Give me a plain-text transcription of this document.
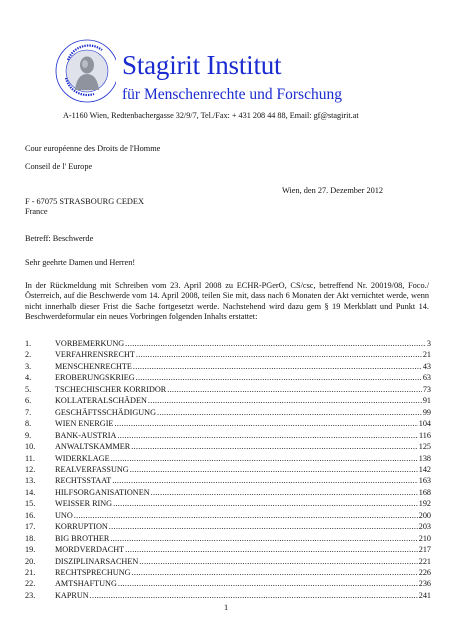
Stagirit Institut
für Menschenrechte und Forschung
A-1160 Wien, Redtenbachergasse 32/9/7, Tel./Fax: + 431 208 44 88, Email: gf@stagirit.at
Cour européenne des Droits de l'Homme
Conseil de l' Europe
Wien, den 27. Dezember 2012
F - 67075 STRASBOURG CEDEX
France
Betreff: Beschwerde
Sehr geehrte Damen und Herren!
In der Rückmeldung mit Schreiben vom 23. April 2008 zu ECHR-PGerO, CS/csc, betreffend Nr. 20019/08, Foco./ Österreich, auf die Beschwerde vom 14. April 2008, teilen Sie mit, dass nach 6 Monaten der Akt vernichtet werde, wenn nicht innerhalb dieser Frist die Sache fortgesetzt werde. Nachstehend wird dazu gem § 19 Merkblatt und Punkt 14. Beschwerdeformular ein neues Vorbringen folgenden Inhalts erstattet:
1.	VORBEMERKUNG .....	3
2.	VERFAHRENSRECHT .....	21
3.	MENSCHENRECHTE .....	43
4.	EROBERUNGSKRIEG .....	63
5.	TSCHECHISCHER KORRIDOR .....	73
6.	KOLLATERALSCHÄDEN .....	91
7.	GESCHÄFTSSCHÄDIGUNG .....	99
8.	WIEN ENERGIE .....	104
9.	BANK-AUSTRIA .....	116
10.	ANWALTSKAMMER .....	125
11.	WIDERKLAGE .....	138
12.	REALVERFASSUNG .....	142
13.	RECHTSSTAAT .....	163
14.	HILFSORGANISATIONEN .....	168
15.	WEISSER RING .....	192
16.	UNO .....	200
17.	KORRUPTION .....	203
18.	BIG BROTHER .....	210
19.	MORDVERDACHT .....	217
20.	DISZIPLINARSACHEN .....	221
21.	RECHTSPRECHUNG .....	226
22.	AMTSHAFTUNG .....	236
23.	KAPRUN .....	241
1
